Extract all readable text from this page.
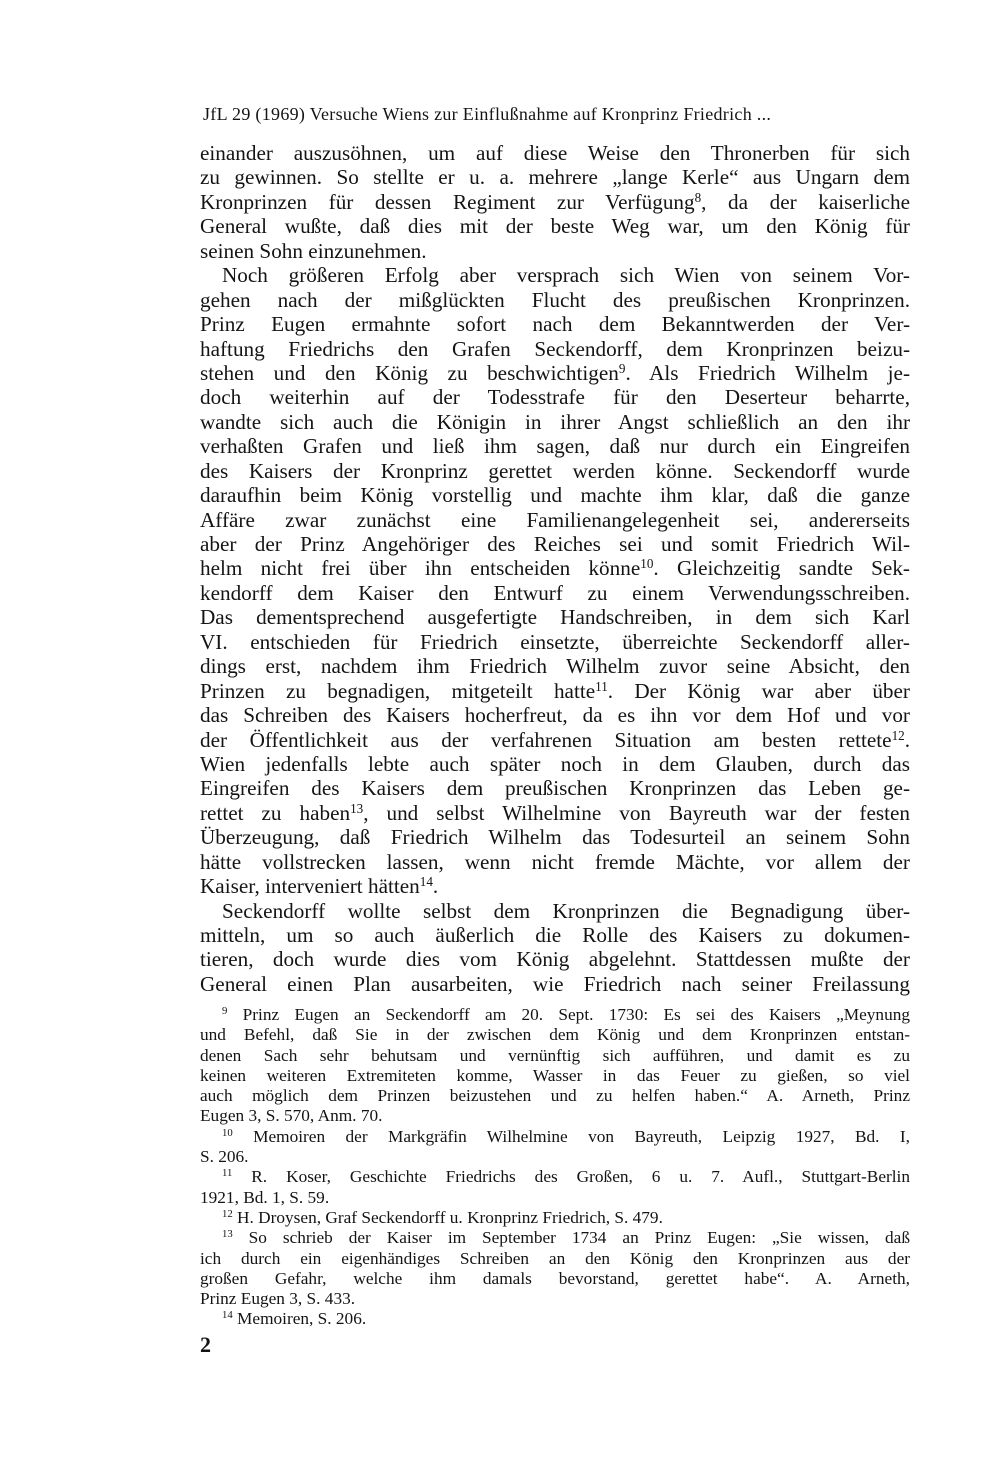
JfL 29 (1969) Versuche Wiens zur Einflußnahme auf Kronprinz Friedrich ...
einander auszusöhnen, um auf diese Weise den Thronerben für sich
zu gewinnen. So stellte er u. a. mehrere „lange Kerle“ aus Ungarn dem
Kronprinzen für dessen Regiment zur Verfügung$^8$, da der kaiserliche
General wußte, daß dies mit der beste Weg war, um den König für
seinen Sohn einzunehmen.
Noch größeren Erfolg aber versprach sich Wien von seinem Vor-
gehen nach der mißglückten Flucht des preußischen Kronprinzen.
Prinz Eugen ermahnte sofort nach dem Bekanntwerden der Ver-
haftung Friedrichs den Grafen Seckendorff, dem Kronprinzen beizu-
stehen und den König zu beschwichtigen$^9$. Als Friedrich Wilhelm je-
doch weiterhin auf der Todesstrafe für den Deserteur beharrte,
wandte sich auch die Königin in ihrer Angst schließlich an den ihr
verhaßten Grafen und ließ ihm sagen, daß nur durch ein Eingreifen
des Kaisers der Kronprinz gerettet werden könne. Seckendorff wurde
daraufhin beim König vorstellig und machte ihm klar, daß die ganze
Affäre zwar zunächst eine Familienangelegenheit sei, andererseits
aber der Prinz Angehöriger des Reiches sei und somit Friedrich Wil-
helm nicht frei über ihn entscheiden könne$^{10}$. Gleichzeitig sandte Sek-
kendorff dem Kaiser den Entwurf zu einem Verwendungsschreiben.
Das dementsprechend ausgefertigte Handschreiben, in dem sich Karl
VI. entschieden für Friedrich einsetzte, überreichte Seckendorff aller-
dings erst, nachdem ihm Friedrich Wilhelm zuvor seine Absicht, den
Prinzen zu begnadigen, mitgeteilt hatte$^{11}$. Der König war aber über
das Schreiben des Kaisers hocherfreut, da es ihn vor dem Hof und vor
der Öffentlichkeit aus der verfahrenen Situation am besten rettete$^{12}$.
Wien jedenfalls lebte auch später noch in dem Glauben, durch das
Eingreifen des Kaisers dem preußischen Kronprinzen das Leben ge-
rettet zu haben$^{13}$, und selbst Wilhelmine von Bayreuth war der festen
Überzeugung, daß Friedrich Wilhelm das Todesurteil an seinem Sohn
hätte vollstrecken lassen, wenn nicht fremde Mächte, vor allem der
Kaiser, interveniert hätten$^{14}$.
Seckendorff wollte selbst dem Kronprinzen die Begnadigung über-
mitteln, um so auch äußerlich die Rolle des Kaisers zu dokumen-
tieren, doch wurde dies vom König abgelehnt. Stattdessen mußte der
General einen Plan ausarbeiten, wie Friedrich nach seiner Freilassung
$^9$ Prinz Eugen an Seckendorff am 20. Sept. 1730: Es sei des Kaisers „Meynung
und Befehl, daß Sie in der zwischen dem König und dem Kronprinzen entstan-
denen Sach sehr behutsam und vernünftig sich aufführen, und damit es zu
keinen weiteren Extremiteten komme, Wasser in das Feuer zu gießen, so viel
auch möglich dem Prinzen beizustehen und zu helfen haben.“ A. Arneth, Prinz
Eugen 3, S. 570, Anm. 70.
$^{10}$ Memoiren der Markgräfin Wilhelmine von Bayreuth, Leipzig 1927, Bd. I,
S. 206.
$^{11}$ R. Koser, Geschichte Friedrichs des Großen, 6 u. 7. Aufl., Stuttgart-Berlin
1921, Bd. 1, S. 59.
$^{12}$ H. Droysen, Graf Seckendorff u. Kronprinz Friedrich, S. 479.
$^{13}$ So schrieb der Kaiser im September 1734 an Prinz Eugen: „Sie wissen, daß
ich durch ein eigenhändiges Schreiben an den König den Kronprinzen aus der
großen Gefahr, welche ihm damals bevorstand, gerettet habe“. A. Arneth,
Prinz Eugen 3, S. 433.
$^{14}$ Memoiren, S. 206.
2
